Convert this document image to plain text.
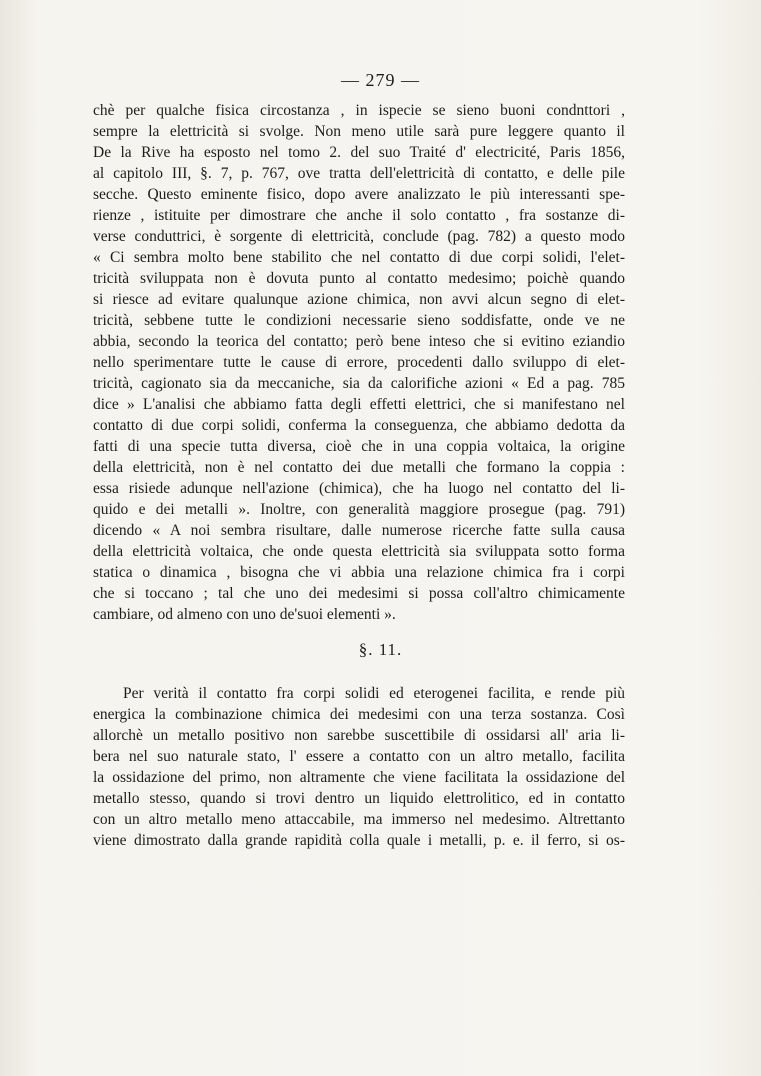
— 279 —
chè per qualche fisica circostanza , in ispecie se sieno buoni condnttori ,
sempre la elettricità si svolge. Non meno utile sarà pure leggere quanto il
De la Rive ha esposto nel tomo 2. del suo Traité d' electricité, Paris 1856,
al capitolo III, §. 7, p. 767, ove tratta dell'elettricità di contatto, e delle pile
secche. Questo eminente fisico, dopo avere analizzato le più interessanti spe-
rienze , istituite per dimostrare che anche il solo contatto , fra sostanze di-
verse conduttrici, è sorgente di elettricità, conclude (pag. 782) a questo modo
« Ci sembra molto bene stabilito che nel contatto di due corpi solidi, l'elet-
tricità sviluppata non è dovuta punto al contatto medesimo; poichè quando
si riesce ad evitare qualunque azione chimica, non avvi alcun segno di elet-
tricità, sebbene tutte le condizioni necessarie sieno soddisfatte, onde ve ne
abbia, secondo la teorica del contatto; però bene inteso che si evitino eziandio
nello sperimentare tutte le cause di errore, procedenti dallo sviluppo di elet-
tricità, cagionato sia da meccaniche, sia da calorifiche azioni « Ed a pag. 785
dice » L'analisi che abbiamo fatta degli effetti elettrici, che si manifestano nel
contatto di due corpi solidi, conferma la conseguenza, che abbiamo dedotta da
fatti di una specie tutta diversa, cioè che in una coppia voltaica, la origine
della elettricità, non è nel contatto dei due metalli che formano la coppia :
essa risiede adunque nell'azione (chimica), che ha luogo nel contatto del li-
quido e dei metalli ». Inoltre, con generalità maggiore prosegue (pag. 791)
dicendo « A noi sembra risultare, dalle numerose ricerche fatte sulla causa
della elettricità voltaica, che onde questa elettricità sia sviluppata sotto forma
statica o dinamica , bisogna che vi abbia una relazione chimica fra i corpi
che si toccano ; tal che uno dei medesimi si possa coll'altro chimicamente
cambiare, od almeno con uno de'suoi elementi ».
§. 11.
Per verità il contatto fra corpi solidi ed eterogenei facilita, e rende più
energica la combinazione chimica dei medesimi con una terza sostanza. Così
allorchè un metallo positivo non sarebbe suscettibile di ossidarsi all' aria li-
bera nel suo naturale stato, l' essere a contatto con un altro metallo, facilita
la ossidazione del primo, non altramente che viene facilitata la ossidazione del
metallo stesso, quando si trovi dentro un liquido elettrolitico, ed in contatto
con un altro metallo meno attaccabile, ma immerso nel medesimo. Altrettanto
viene dimostrato dalla grande rapidità colla quale i metalli, p. e. il ferro, si os-
